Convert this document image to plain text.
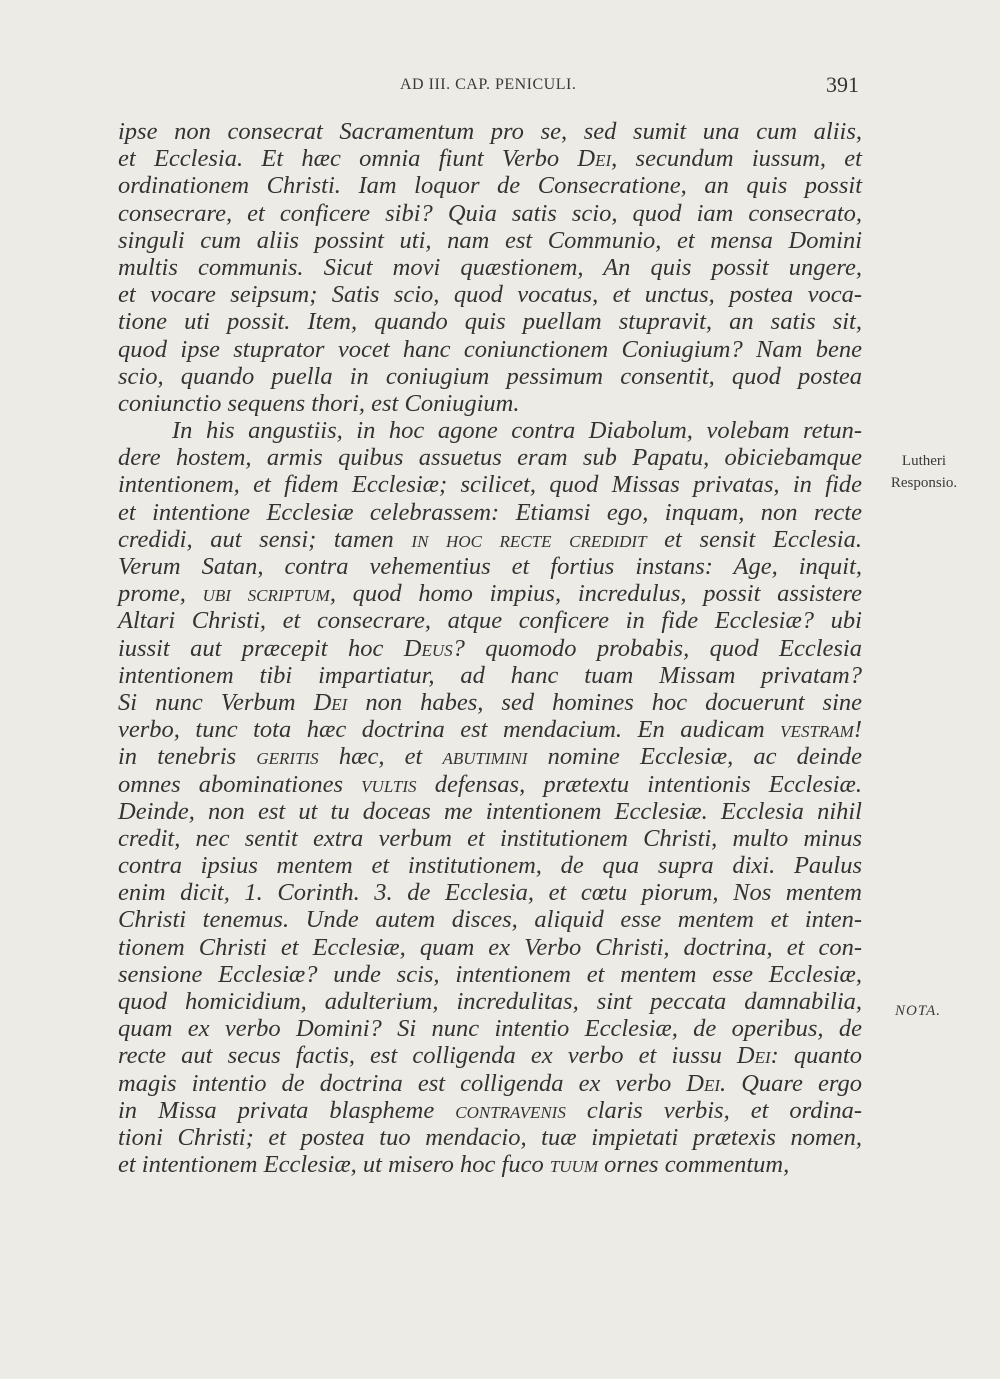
AD III. CAP. PENICULI.	391
ipse non consecrat Sacramentum pro se, sed sumit una cum aliis,
et Ecclesia. Et hæc omnia fiunt Verbo Dei, secundum iussum, et
ordinationem Christi. Iam loquor de Consecratione, an quis possit
consecrare, et conficere sibi? Quia satis scio, quod iam consecrato,
singuli cum aliis possint uti, nam est Communio, et mensa Domini
multis communis. Sicut movi quæstionem, An quis possit ungere,
et vocare seipsum; Satis scio, quod vocatus, et unctus, postea voca-
tione uti possit. Item, quando quis puellam stupravit, an satis sit,
quod ipse stuprator vocet hanc coniunctionem Coniugium? Nam bene
scio, quando puella in coniugium pessimum consentit, quod postea
coniunctio sequens thori, est Coniugium.
In his angustiis, in hoc agone contra Diabolum, volebam retun-
dere hostem, armis quibus assuetus eram sub Papatu, obiciebamque
intentionem, et fidem Ecclesiæ; scilicet, quod Missas privatas, in fide
et intentione Ecclesiæ celebrassem: Etiamsi ego, inquam, non recte
credidi, aut sensi; tamen in hoc recte credidit et sensit Ecclesia.
Verum Satan, contra vehementius et fortius instans: Age, inquit,
prome, ubi scriptum, quod homo impius, incredulus, possit assistere
Altari Christi, et consecrare, atque conficere in fide Ecclesiæ? ubi
iussit aut præcepit hoc Deus? quomodo probabis, quod Ecclesia
intentionem tibi impartiatur, ad hanc tuam Missam privatam?
Si nunc Verbum Dei non habes, sed homines hoc docuerunt sine
verbo, tunc tota hæc doctrina est mendacium. En audicam vestram!
in tenebris geritis hæc, et abutimini nomine Ecclesiæ, ac deinde
omnes abominationes vultis defensas, prætextu intentionis Ecclesiæ.
Deinde, non est ut tu doceas me intentionem Ecclesiæ. Ecclesia nihil
credit, nec sentit extra verbum et institutionem Christi, multo minus
contra ipsius mentem et institutionem, de qua supra dixi. Paulus
enim dicit, 1. Corinth. 3. de Ecclesia, et cœtu piorum, Nos mentem
Christi tenemus. Unde autem disces, aliquid esse mentem et inten-
tionem Christi et Ecclesiæ, quam ex Verbo Christi, doctrina, et con-
sensione Ecclesiæ? unde scis, intentionem et mentem esse Ecclesiæ,
quod homicidium, adulterium, incredulitas, sint peccata damnabilia,
quam ex verbo Domini? Si nunc intentio Ecclesiæ, de operibus, de
recte aut secus factis, est colligenda ex verbo et iussu Dei: quanto
magis intentio de doctrina est colligenda ex verbo Dei. Quare ergo
in Missa privata blaspheme contravenis claris verbis, et ordina-
tioni Christi; et postea tuo mendacio, tuæ impietati prætexis nomen,
et intentionem Ecclesiæ, ut misero hoc fuco tuum ornes commentum,
Lutheri
Responsio.
NOTA.
